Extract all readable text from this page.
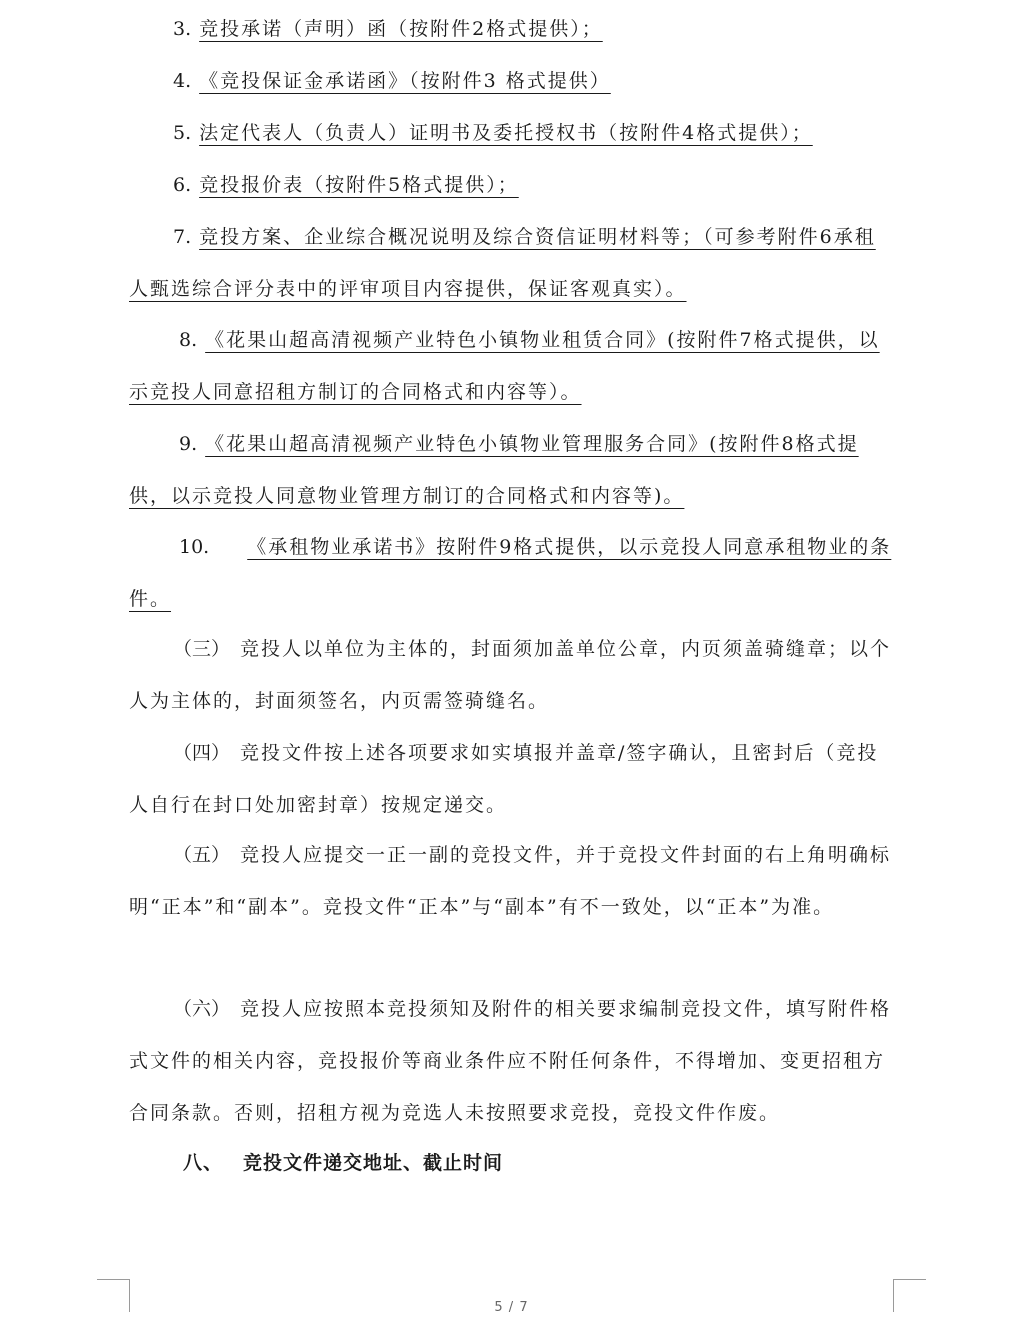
3. 竞投承诺（声明）函（按附件2格式提供）；

4. 《竞投保证金承诺函》（按附件3 格式提供）

5. 法定代表人（负责人）证明书及委托授权书（按附件4格式提供）；

6. 竞投报价表（按附件5格式提供）；

7. 竞投方案、企业综合概况说明及综合资信证明材料等；（可参考附件6承租人甄选综合评分表中的评审项目内容提供，保证客观真实）。

8. 《花果山超高清视频产业特色小镇物业租赁合同》(按附件7格式提供，以示竞投人同意招租方制订的合同格式和内容等）。

9. 《花果山超高清视频产业特色小镇物业管理服务合同》(按附件8格式提供，以示竞投人同意物业管理方制订的合同格式和内容等)。

10. 《承租物业承诺书》按附件9格式提供，以示竞投人同意承租物业的条件。

（三） 竞投人以单位为主体的，封面须加盖单位公章，内页须盖骑缝章；以个人为主体的，封面须签名，内页需签骑缝名。

（四） 竞投文件按上述各项要求如实填报并盖章/签字确认，且密封后（竞投人自行在封口处加密封章）按规定递交。

（五） 竞投人应提交一正一副的竞投文件，并于竞投文件封面的右上角明确标明“正本”和“副本”。竞投文件“正本”与“副本”有不一致处，以“正本”为准。

（六） 竞投人应按照本竞投须知及附件的相关要求编制竞投文件，填写附件格式文件的相关内容，竞投报价等商业条件应不附任何条件，不得增加、变更招租方合同条款。否则，招租方视为竞选人未按照要求竞投，竞投文件作废。

八、 竞投文件递交地址、截止时间
5 / 7
